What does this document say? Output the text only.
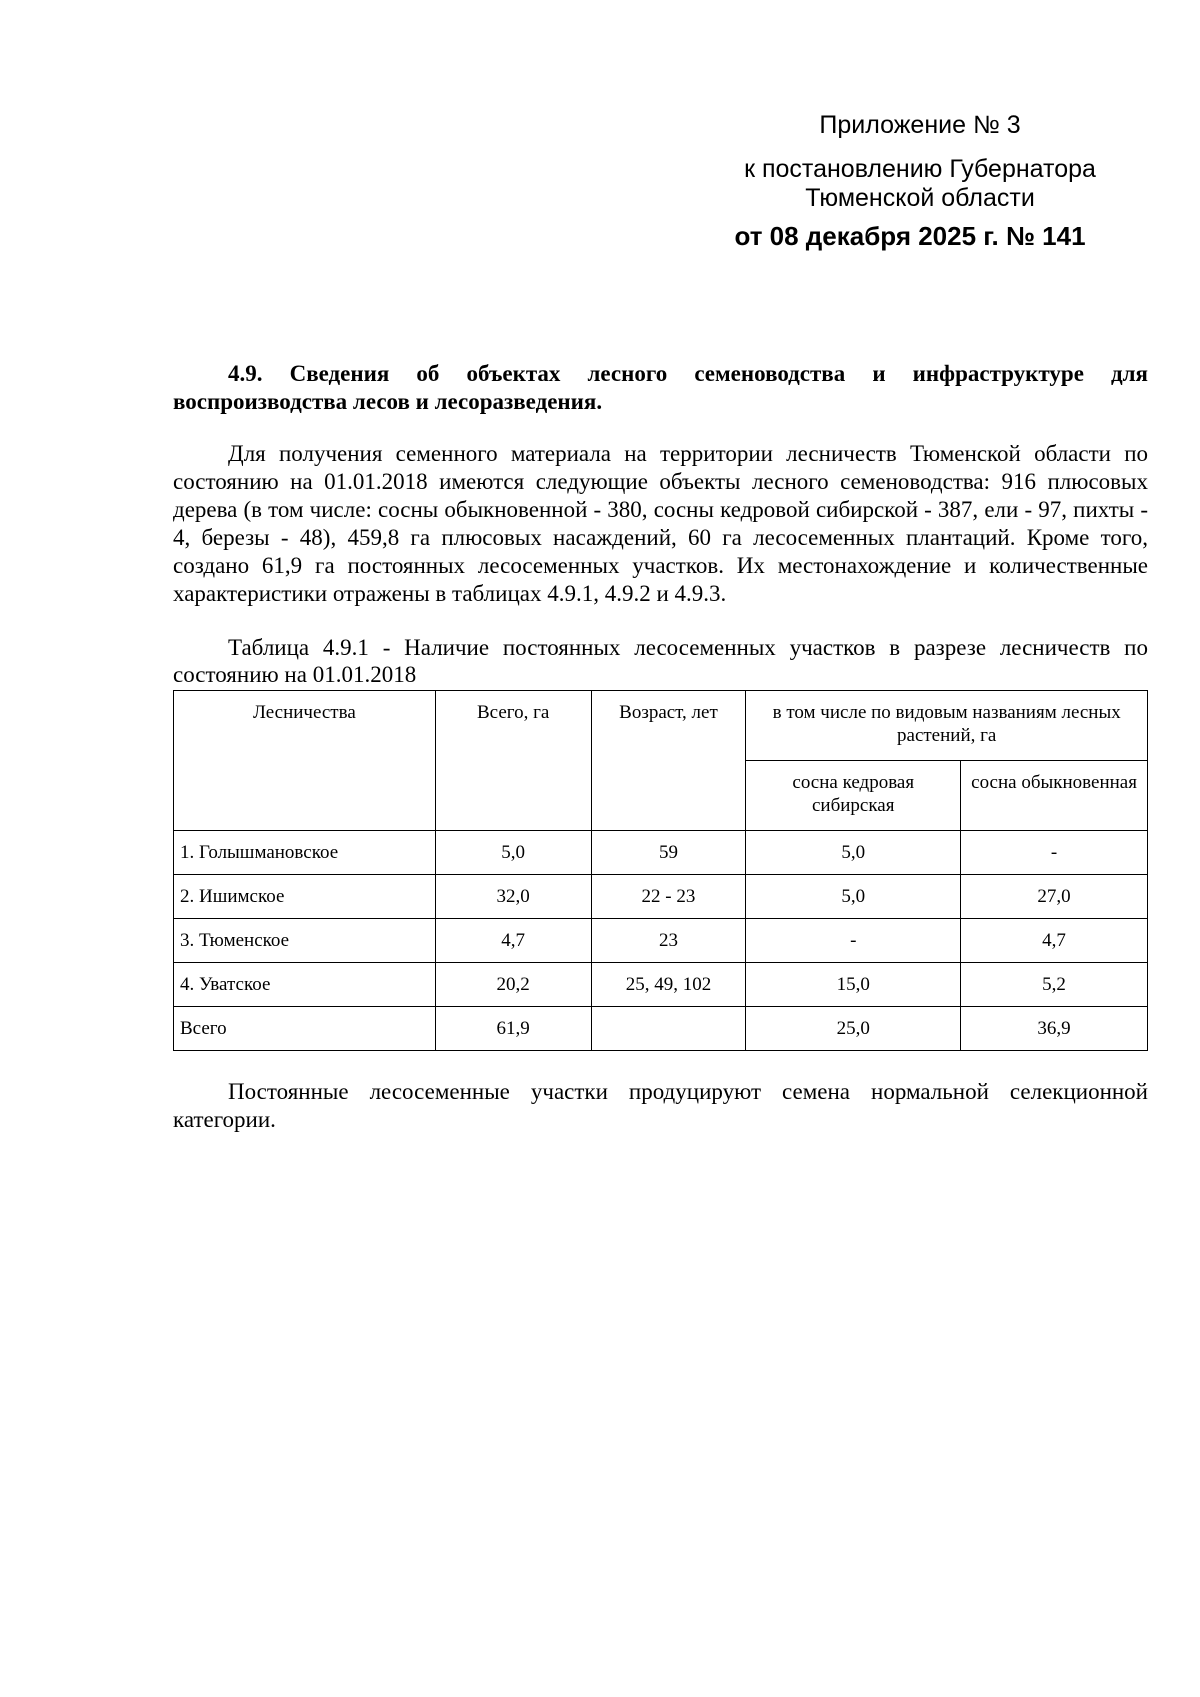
Приложение № 3
к постановлению Губернатора
Тюменской области
от 08 декабря 2025 г. № 141
4.9. Сведения об объектах лесного семеноводства и инфраструктуре для воспроизводства лесов и лесоразведения.
Для получения семенного материала на территории лесничеств Тюменской области по состоянию на 01.01.2018 имеются следующие объекты лесного семеноводства: 916 плюсовых дерева (в том числе: сосны обыкновенной - 380, сосны кедровой сибирской - 387, ели - 97, пихты - 4, березы - 48), 459,8 га плюсовых насаждений, 60 га лесосеменных плантаций. Кроме того, создано 61,9 га постоянных лесосеменных участков. Их местонахождение и количественные характеристики отражены в таблицах 4.9.1, 4.9.2 и 4.9.3.
Таблица 4.9.1 - Наличие постоянных лесосеменных участков в разрезе лесничеств по состоянию на 01.01.2018
Лесничества	Всего, га	Возраст, лет	в том числе по видовым названиям лесных растений, га	
			сосна кедровая сибирская	сосна обыкновенная
1. Голышмановское	5,0	59	5,0	-
2. Ишимское	32,0	22 - 23	5,0	27,0
3. Тюменское	4,7	23	-	4,7
4. Уватское	20,2	25, 49, 102	15,0	5,2
Всего	61,9		25,0	36,9
Постоянные лесосеменные участки продуцируют семена нормальной селекционной категории.
